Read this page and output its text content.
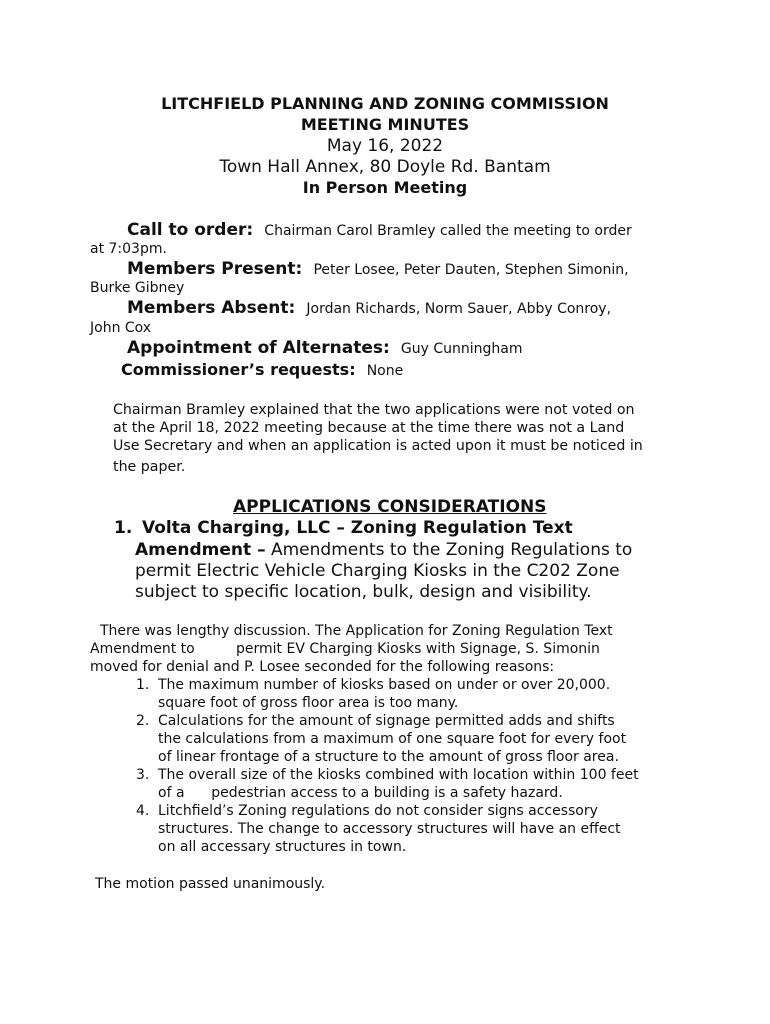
LITCHFIELD PLANNING AND ZONING COMMISSION
MEETING MINUTES
May 16, 2022
Town Hall Annex, 80 Doyle Rd. Bantam
In Person Meeting
Call to order: Chairman Carol Bramley called the meeting to order
at 7:03pm.
Members Present: Peter Losee, Peter Dauten, Stephen Simonin,
Burke Gibney
Members Absent: Jordan Richards, Norm Sauer, Abby Conroy,
John Cox
Appointment of Alternates: Guy Cunningham
Commissioner’s requests: None
Chairman Bramley explained that the two applications were not voted on
at the April 18, 2022 meeting because at the time there was not a Land
Use Secretary and when an application is acted upon it must be noticed in
the paper.
APPLICATIONS CONSIDERATIONS
1. Volta Charging, LLC – Zoning Regulation Text
Amendment – Amendments to the Zoning Regulations to
permit Electric Vehicle Charging Kiosks in the C202 Zone
subject to specific location, bulk, design and visibility.
There was lengthy discussion. The Application for Zoning Regulation Text
Amendment to	permit EV Charging Kiosks with Signage, S. Simonin
moved for denial and P. Losee seconded for the following reasons:
1. The maximum number of kiosks based on under or over 20,000.
square foot of gross floor area is too many.
2. Calculations for the amount of signage permitted adds and shifts
the calculations from a maximum of one square foot for every foot
of linear frontage of a structure to the amount of gross floor area.
3. The overall size of the kiosks combined with location within 100 feet
of a      pedestrian access to a building is a safety hazard.
4. Litchfield’s Zoning regulations do not consider signs accessory
structures. The change to accessory structures will have an effect
on all accessary structures in town.
The motion passed unanimously.
